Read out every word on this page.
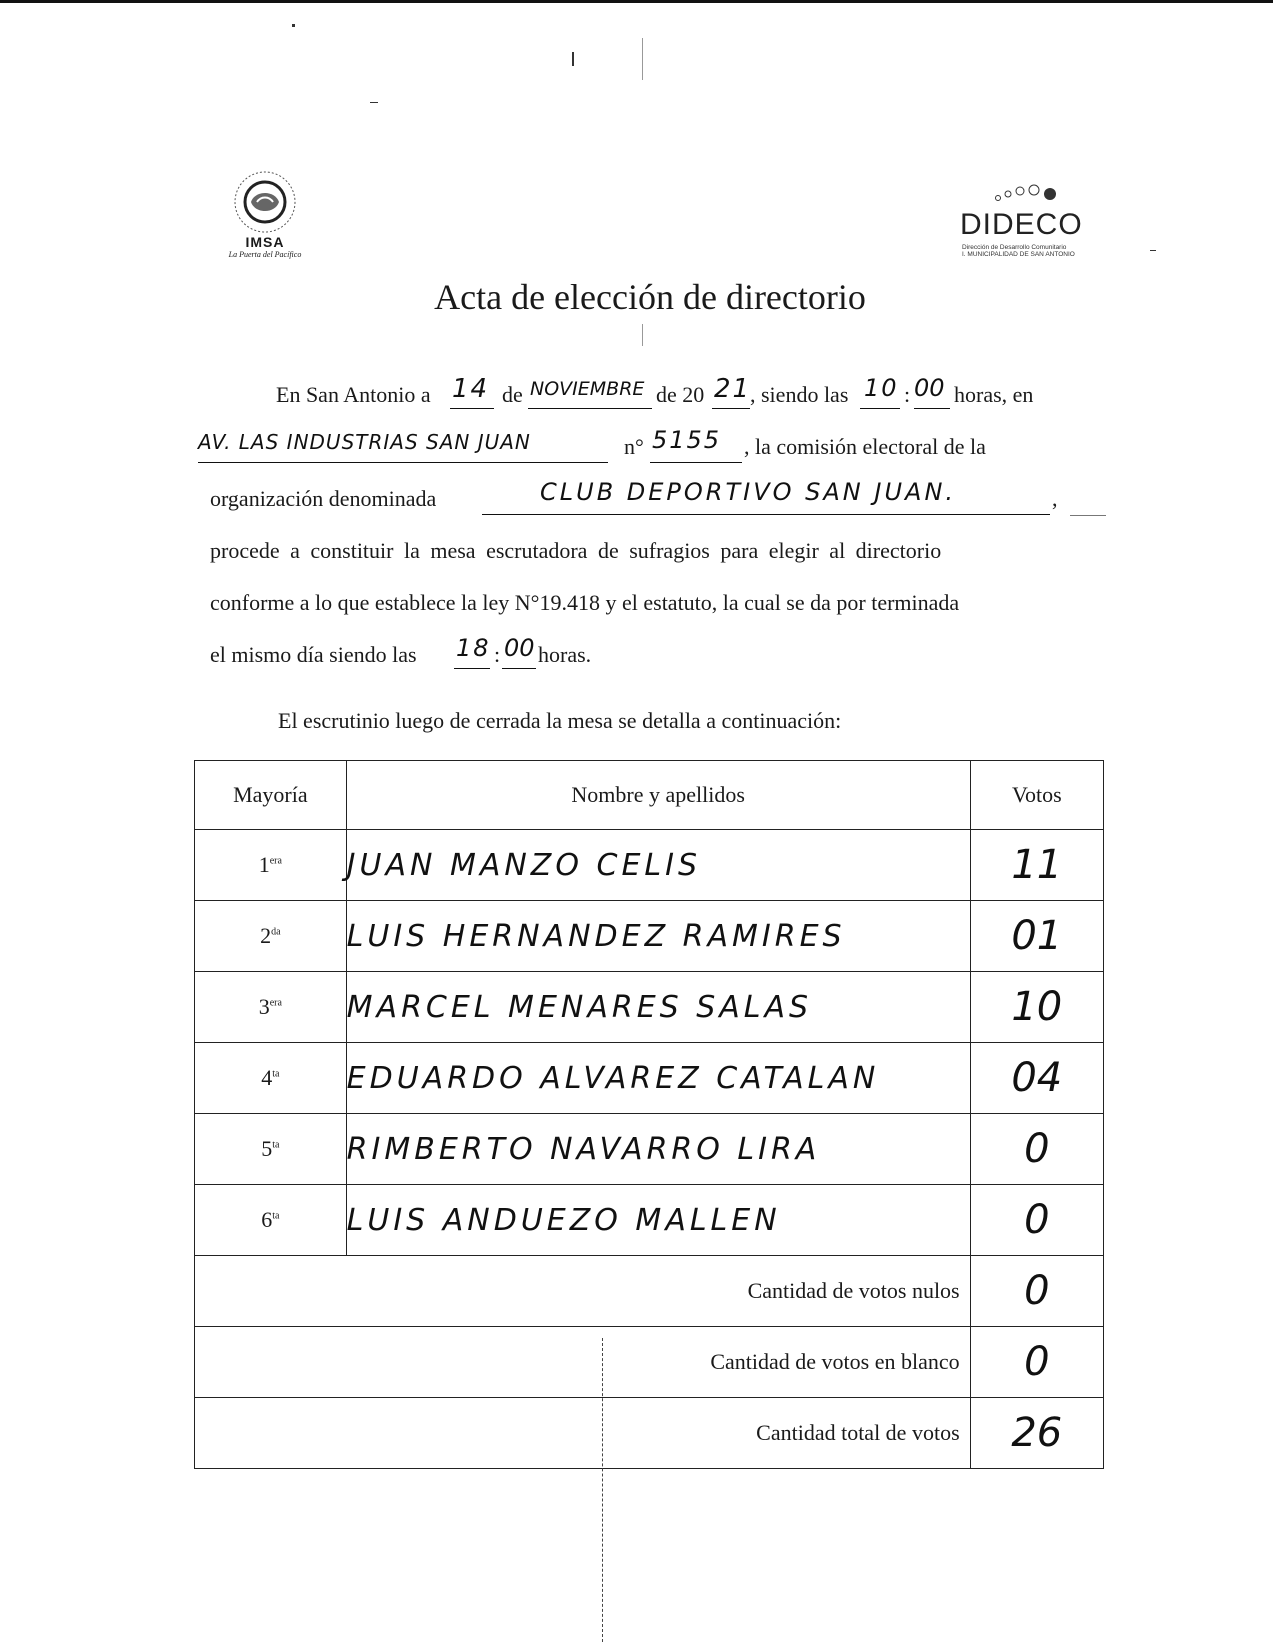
IMSA
La Puerta del Pacífico
DIDECO
Dirección de Desarrollo Comunitario
I. MUNICIPALIDAD DE SAN ANTONIO
Acta de elección de directorio
En San Antonio a 14 de NOVIEMBRE de 20 21
, siendo las 10 : 00 horas, en
AV. LAS INDUSTRIAS SAN JUAN	n° 5155 , la comisión electoral de la
organización denominada	CLUB DEPORTIVO SAN JUAN.	,
procede a constituir la mesa escrutadora de sufragios para elegir al directorio
conforme a lo que establece la ley N°19.418 y el estatuto, la cual se da por terminada
el mismo día siendo las 18 : 00 horas.
El escrutinio luego de cerrada la mesa se detalla a continuación:
Mayoría	Nombre y apellidos	Votos
$1^{era}$	JUAN MANZO CELIS	11
$2^{da}$	LUIS HERNANDEZ RAMIRES	01
$3^{era}$	MARCEL MENARES SALAS	10
$4^{ta}$	EDUARDO ALVAREZ CATALAN	04
$5^{ta}$	RIMBERTO NAVARRO LIRA	0
$6^{ta}$	LUIS ANDUEZO MALLEN	0
Cantidad de votos nulos		0
Cantidad de votos en blanco		0
Cantidad total de votos		26
